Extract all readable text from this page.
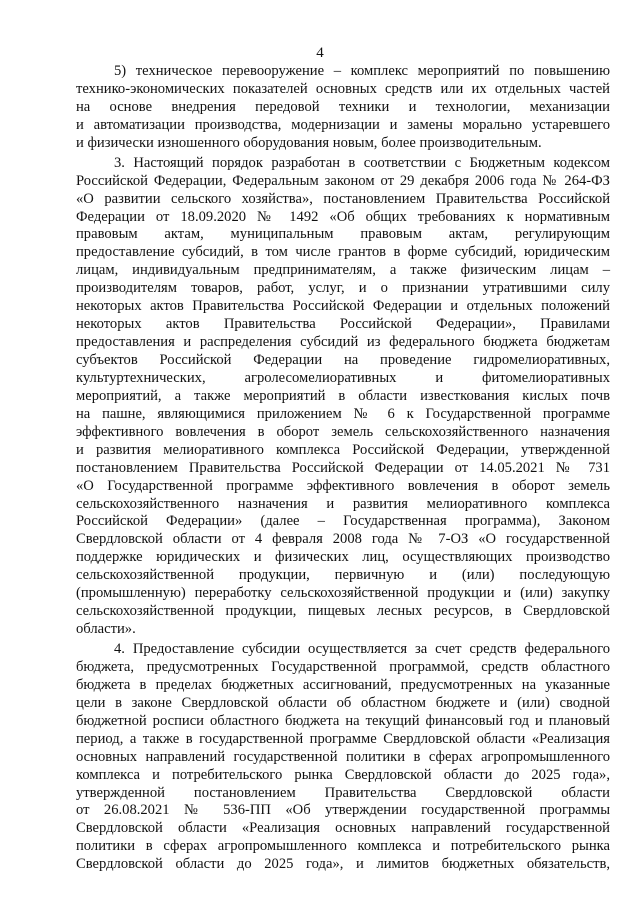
4
5) техническое перевооружение – комплекс мероприятий по повышению
технико-экономических показателей основных средств или их отдельных частей
на основе внедрения передовой техники и технологии, механизации
и автоматизации производства, модернизации и замены морально устаревшего
и физически изношенного оборудования новым, более производительным.
3. Настоящий порядок разработан в соответствии с Бюджетным кодексом
Российской Федерации, Федеральным законом от 29 декабря 2006 года № 264-ФЗ
«О развитии сельского хозяйства», постановлением Правительства Российской
Федерации от 18.09.2020 № 1492 «Об общих требованиях к нормативным
правовым актам, муниципальным правовым актам, регулирующим
предоставление субсидий, в том числе грантов в форме субсидий, юридическим
лицам, индивидуальным предпринимателям, а также физическим лицам –
производителям товаров, работ, услуг, и о признании утратившими силу
некоторых актов Правительства Российской Федерации и отдельных положений
некоторых актов Правительства Российской Федерации», Правилами
предоставления и распределения субсидий из федерального бюджета бюджетам
субъектов Российской Федерации на проведение гидромелиоративных,
культуртехнических, агролесомелиоративных и фитомелиоративных
мероприятий, а также мероприятий в области известкования кислых почв
на пашне, являющимися приложением № 6 к Государственной программе
эффективного вовлечения в оборот земель сельскохозяйственного назначения
и развития мелиоративного комплекса Российской Федерации, утвержденной
постановлением Правительства Российской Федерации от 14.05.2021 № 731
«О Государственной программе эффективного вовлечения в оборот земель
сельскохозяйственного назначения и развития мелиоративного комплекса
Российской Федерации» (далее – Государственная программа), Законом
Свердловской области от 4 февраля 2008 года № 7-ОЗ «О государственной
поддержке юридических и физических лиц, осуществляющих производство
сельскохозяйственной продукции, первичную и (или) последующую
(промышленную) переработку сельскохозяйственной продукции и (или) закупку
сельскохозяйственной продукции, пищевых лесных ресурсов, в Свердловской
области».
4. Предоставление субсидии осуществляется за счет средств федерального
бюджета, предусмотренных Государственной программой, средств областного
бюджета в пределах бюджетных ассигнований, предусмотренных на указанные
цели в законе Свердловской области об областном бюджете и (или) сводной
бюджетной росписи областного бюджета на текущий финансовый год и плановый
период, а также в государственной программе Свердловской области «Реализация
основных направлений государственной политики в сферах агропромышленного
комплекса и потребительского рынка Свердловской области до 2025 года»,
утвержденной постановлением Правительства Свердловской области
от 26.08.2021 № 536-ПП «Об утверждении государственной программы
Свердловской области «Реализация основных направлений государственной
политики в сферах агропромышленного комплекса и потребительского рынка
Свердловской области до 2025 года», и лимитов бюджетных обязательств,
